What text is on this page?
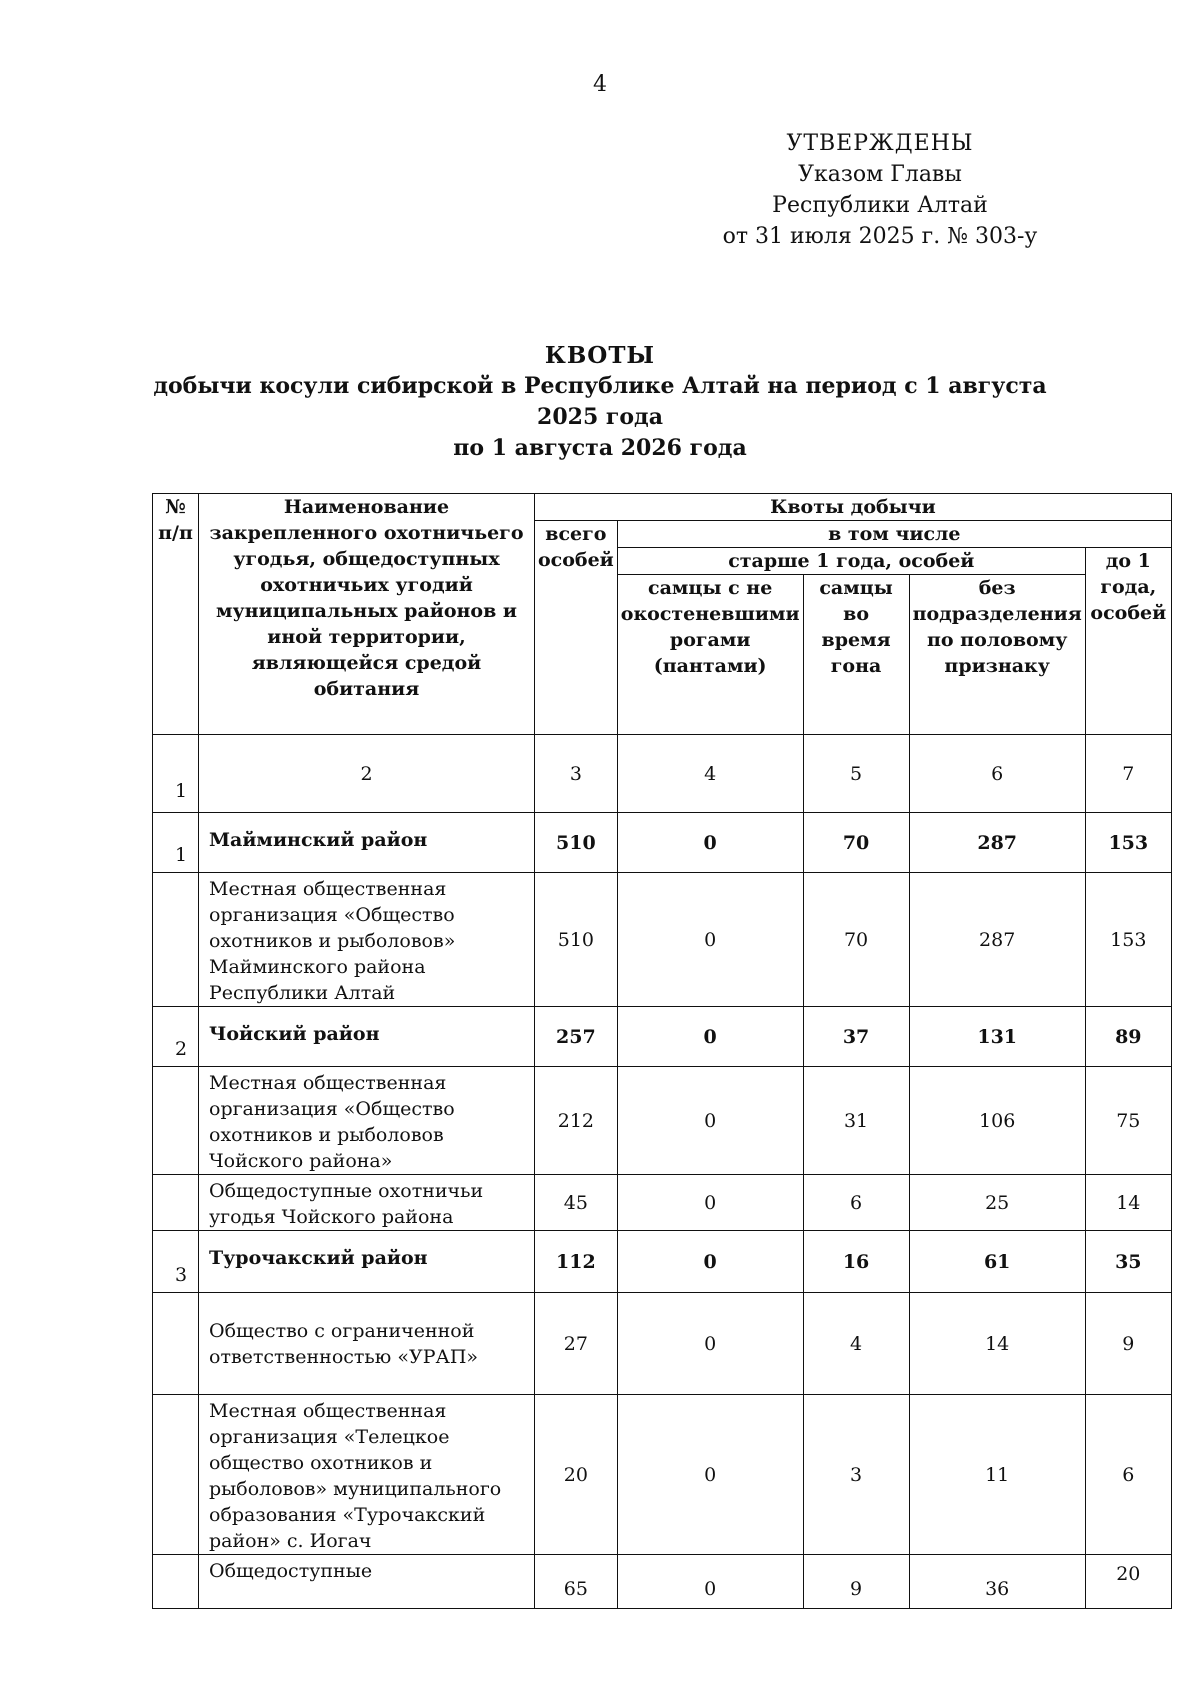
4
УТВЕРЖДЕНЫ
Указом Главы
Республики Алтай
от 31 июля 2025 г. № 303-у
КВОТЫ
добычи косули сибирской в Республике Алтай на период с 1 августа 2025 года
по 1 августа 2026 года
№ п/п	Наименование закрепленного охотничьего угодья, общедоступных охотничьих угодий муниципальных районов и иной территории, являющейся средой обитания	Квоты добычи				
		всего особей	в том числе			
			старше 1 года, особей			до 1 года, особей
			самцы с не окостеневшими рогами (пантами)	самцы во время гона	без подразделения по половому признаку	
1	2	3	4	5	6	7
1	Майминский район	510	0	70	287	153
	Местная общественная организация «Общество охотников и рыболовов» Майминского района Республики Алтай	510	0	70	287	153
2	Чойский район	257	0	37	131	89
	Местная общественная организация «Общество охотников и рыболовов Чойского района»	212	0	31	106	75
	Общедоступные охотничьи угодья Чойского района	45	0	6	25	14
3	Турочакский район	112	0	16	61	35
	Общество с ограниченной ответственностью «УРАП»	27	0	4	14	9
	Местная общественная организация «Телецкое общество охотников и рыболовов» муниципального образования «Турочакский район» с. Иогач	20	0	3	11	6
	Общедоступные	65	0	9	36	20
